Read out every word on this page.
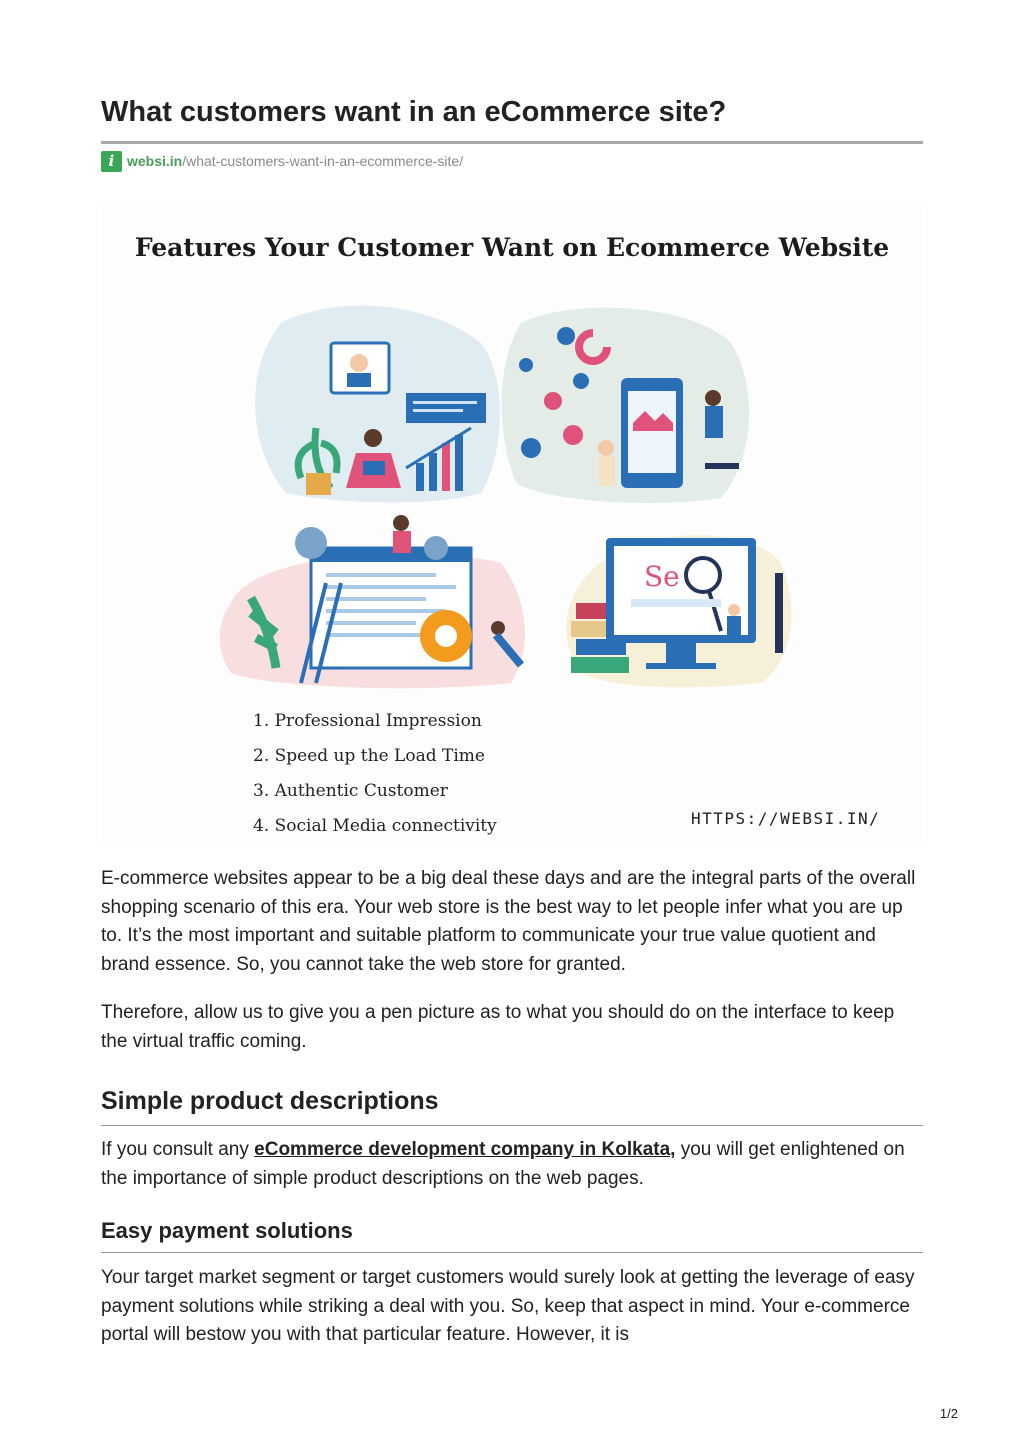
What customers want in an eCommerce site?
i websi.in/what-customers-want-in-an-ecommerce-site/
Se
Features Your Customer Want on Ecommerce Website
1. Professional Impression
2. Speed up the Load Time
3. Authentic Customer
4. Social Media connectivity	HTTPS://WEBSI.IN/

E-commerce websites appear to be a big deal these days and are the integral parts of the overall shopping scenario of this era. Your web store is the best way to let people infer what you are up to. It’s the most important and suitable platform to communicate your true value quotient and brand essence. So, you cannot take the web store for granted.

Therefore, allow us to give you a pen picture as to what you should do on the interface to keep the virtual traffic coming.

Simple product descriptions

If you consult any eCommerce development company in Kolkata, you will get enlightened on the importance of simple product descriptions on the web pages.

Easy payment solutions

Your target market segment or target customers would surely look at getting the leverage of easy payment solutions while striking a deal with you. So, keep that aspect in mind. Your e-commerce portal will bestow you with that particular feature. However, it is

1/2
